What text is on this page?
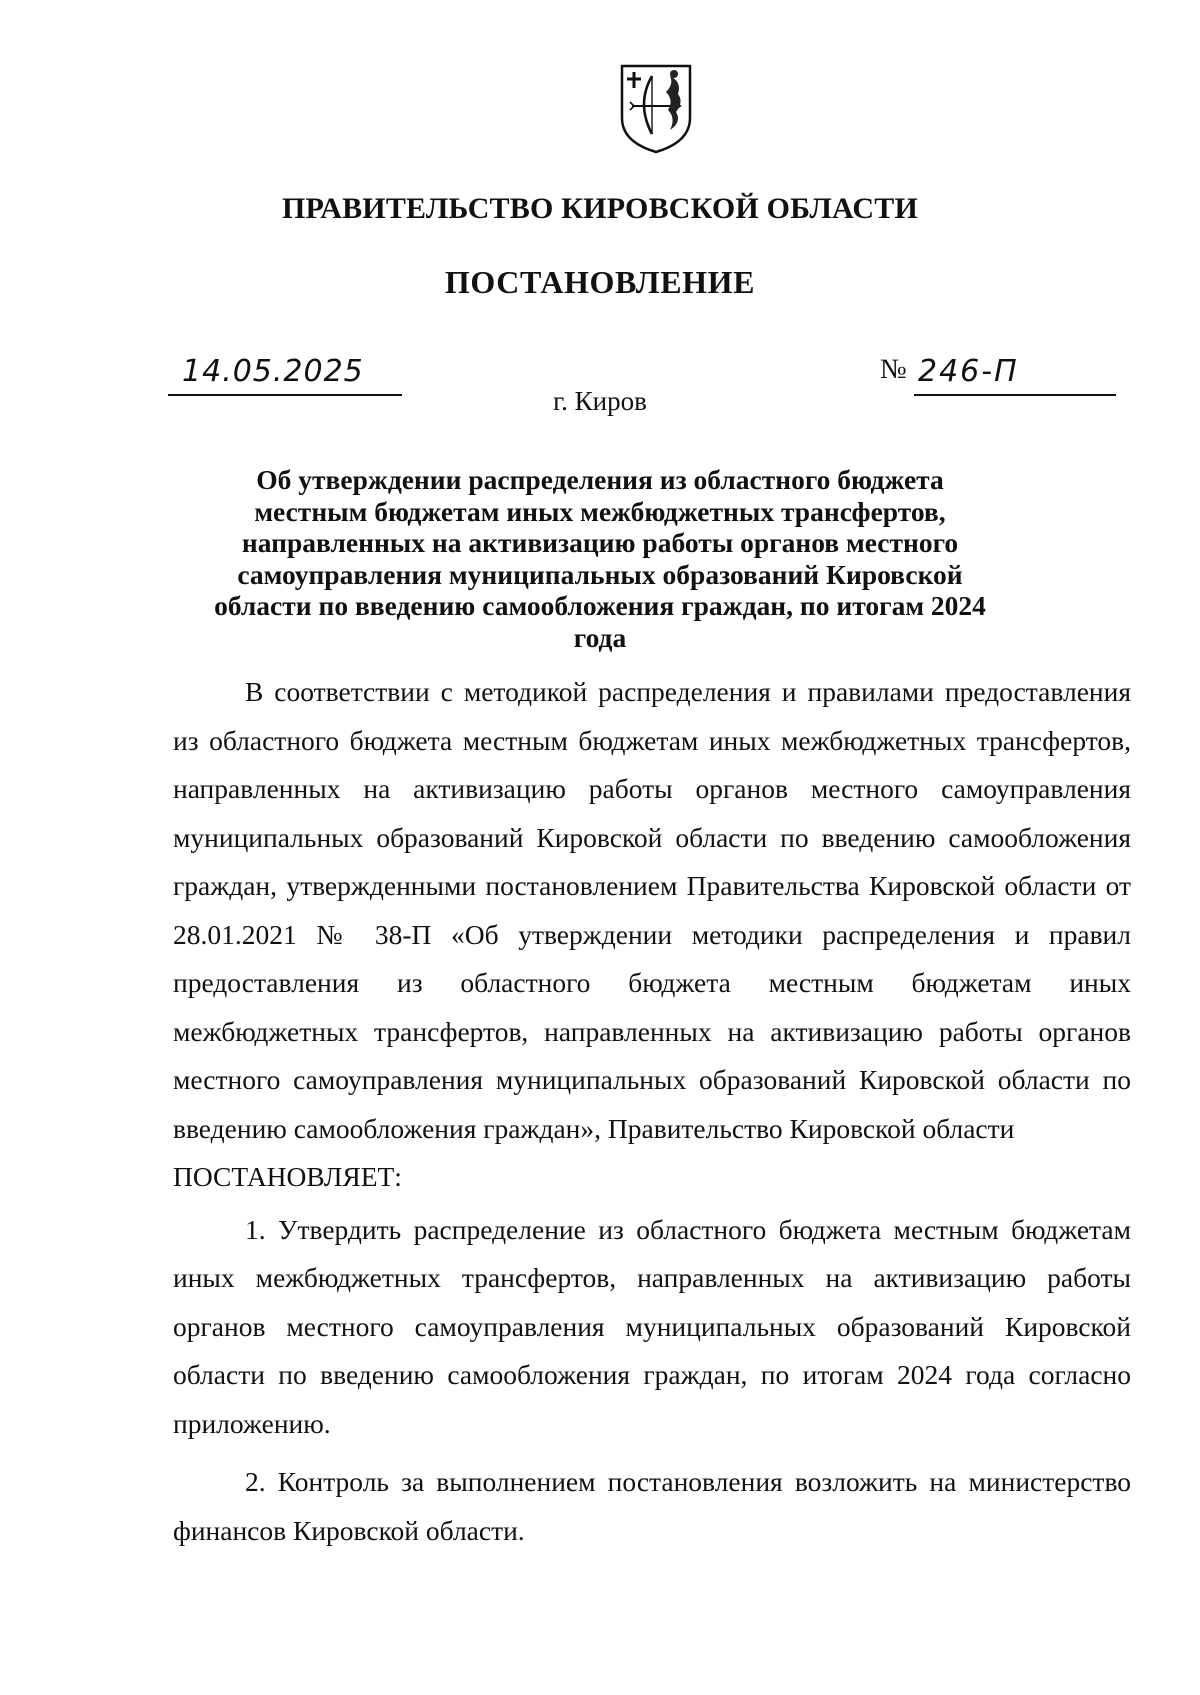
ПРАВИТЕЛЬСТВО КИРОВСКОЙ ОБЛАСТИ
ПОСТАНОВЛЕНИЕ
14.05.2025	№ 246-П
г. Киров
Об утверждении распределения из областного бюджета местным бюджетам иных межбюджетных трансфертов, направленных на активизацию работы органов местного самоуправления муниципальных образований Кировской области по введению самообложения граждан, по итогам 2024 года

В соответствии с методикой распределения и правилами предоставления из областного бюджета местным бюджетам иных межбюджетных трансфертов, направленных на активизацию работы органов местного самоуправления муниципальных образований Кировской области по введению самообложения граждан, утвержденными постановлением Правительства Кировской области от 28.01.2021 № 38-П «Об утверждении методики распределения и правил предоставления из областного бюджета местным бюджетам иных межбюджетных трансфертов, направленных на активизацию работы органов местного самоуправления муниципальных образований Кировской области по введению самообложения граждан», Правительство Кировской области

ПОСТАНОВЛЯЕТ:

1. Утвердить распределение из областного бюджета местным бюджетам иных межбюджетных трансфертов, направленных на активизацию работы органов местного самоуправления муниципальных образований Кировской области по введению самообложения граждан, по итогам 2024 года согласно приложению.

2. Контроль за выполнением постановления возложить на министерство финансов Кировской области.
